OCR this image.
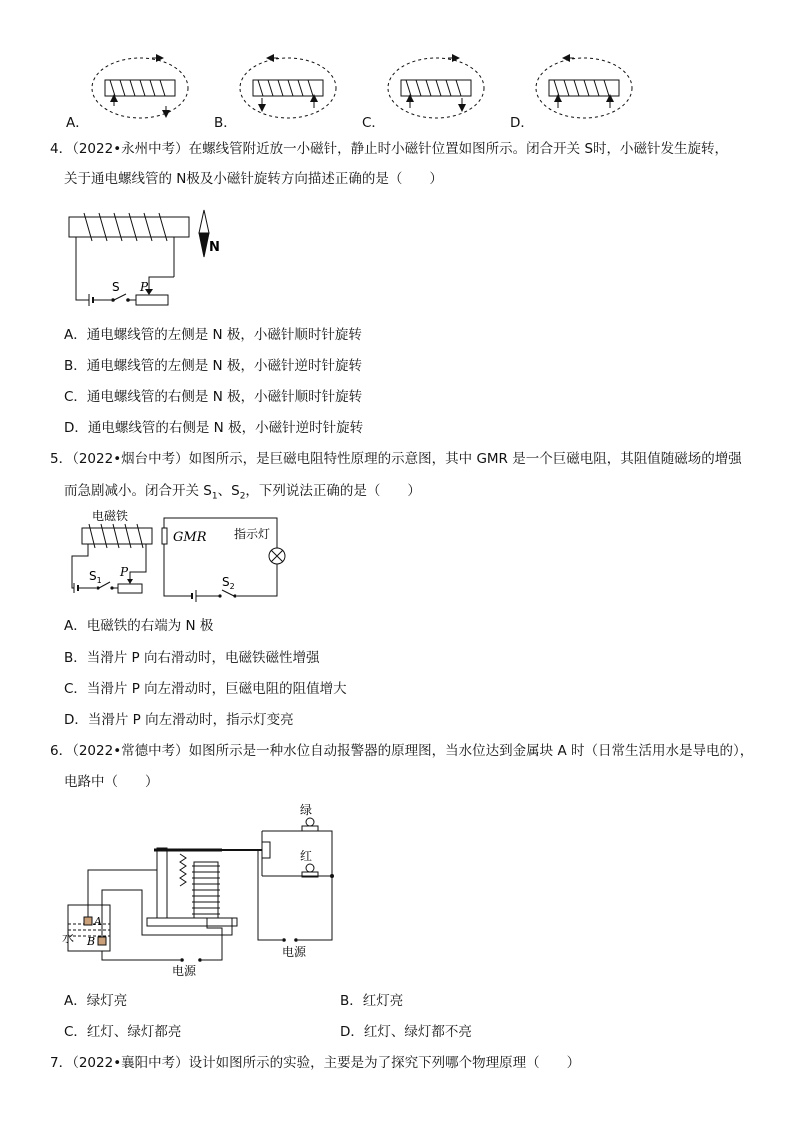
A．	B．	C．	D．
4．（2022•永州中考）在螺线管附近放一小磁针，静止时小磁针位置如图所示。闭合开关 S时，小磁针发生旋转，
关于通电螺线管的 N极及小磁针旋转方向描述正确的是（　　）
N
S P
A．通电螺线管的左侧是 N 极，小磁针顺时针旋转
B．通电螺线管的左侧是 N 极，小磁针逆时针旋转
C．通电螺线管的右侧是 N 极，小磁针顺时针旋转
D．通电螺线管的右侧是 N 极，小磁针逆时针旋转
5．（2022•烟台中考）如图所示，是巨磁电阻特性原理的示意图，其中 GMR 是一个巨磁电阻，其阻值随磁场的增强
而急剧减小。闭合开关 $S_1$、$S_2$，下列说法正确的是（　　）
电磁铁
GMR 指示灯
$S_1$
P
$S_2$
A．电磁铁的右端为 N 极
B．当滑片 P 向右滑动时，电磁铁磁性增强
C．当滑片 P 向左滑动时，巨磁电阻的阻值增大
D．当滑片 P 向左滑动时，指示灯变亮
6．（2022•常德中考）如图所示是一种水位自动报警器的原理图，当水位达到金属块 A 时（日常生活用水是导电的），
电路中（　　）
绿
红
A
B
水
电源
电源
A．绿灯亮	B．红灯亮
C．红灯、绿灯都亮	D．红灯、绿灯都不亮
7．（2022•襄阳中考）设计如图所示的实验，主要是为了探究下列哪个物理原理（　　）
